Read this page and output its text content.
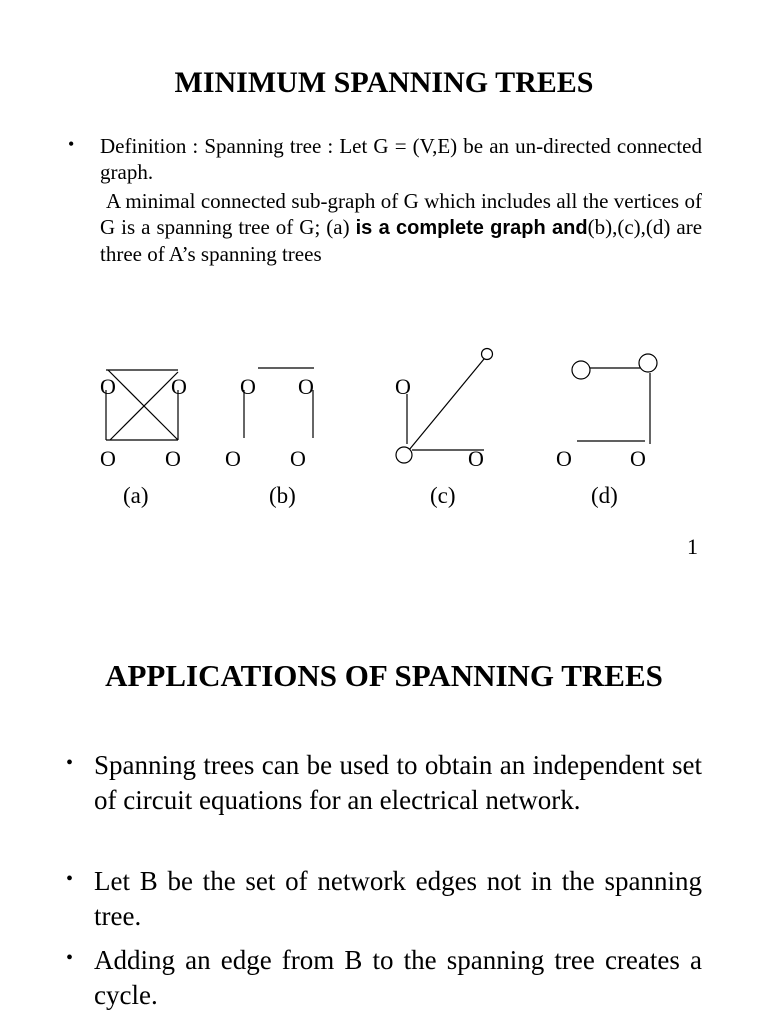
MINIMUM SPANNING TREES
• Definition : Spanning tree : Let G = (V,E) be an un-directed connected graph.

A minimal connected sub-graph of G which includes all the vertices of G is a spanning tree of G; (a) is a complete graph and(b),(c),(d) are three of A’s spanning trees

O	O
O O
(a)
O O
O O
(b)
O
O
(c)
O	O
(d)
1
APPLICATIONS OF SPANNING TREES
• Spanning trees can be used to obtain an independent set of circuit equations for an electrical network.

• Let B be the set of network edges not in the spanning tree.

• Adding an edge from B to the spanning tree creates a cycle.
